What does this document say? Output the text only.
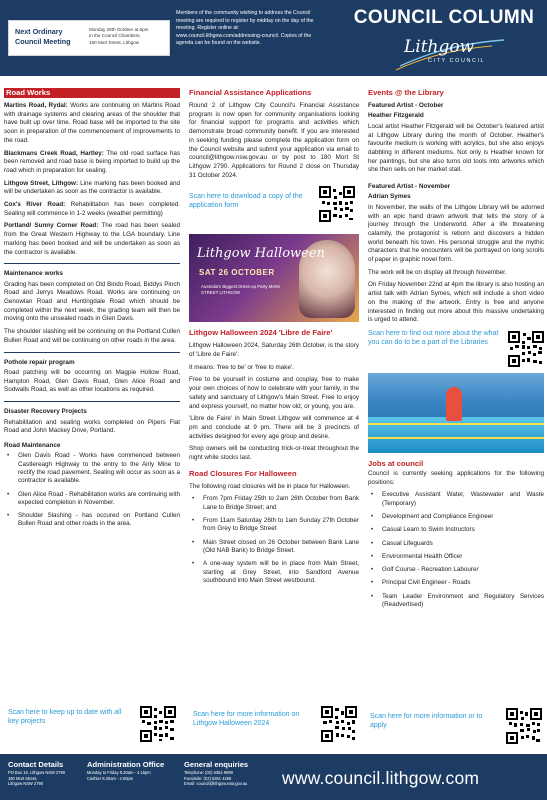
Next Ordinary
Council Meeting
Monday 28th October at 6pm
In the Council Chambers,
180 Mort Street, Lithgow
Members of the community wishing to address the Council meeting are required to register by midday on the day of the meeting. Register online at: www.council.lithgow.com/addressing-council. Copies of the agenda can be found on the website.
COUNCIL COLUMN
Lithgow
CITY COUNCIL
Road Works

Martins Road, Rydal: Works are continuing on Martins Road with drainage systems and clearing areas of the shoulder that have built up over time. Road base will be imported to the site soon in preparation of the commencement of improvements to the road.

Blackmans Creek Road, Hartley: The old road surface has been removed and road base is being imported to build up the road which in preparation for sealing.

Lithgow Street, Lithgow: Line marking has been booked and will be undertaken as soon as the contractor is available.

Cox's River Road: Rehabilitation has been completed. Sealing will commence in 1-2 weeks (weather permitting)

Portland/ Sunny Corner Road: The road has been sealed from the Great Western Highway to the LGA boundary. Line marking has been booked and will be undertaken as soon as the contractor is available.

Maintenance works

Grading has been completed on Old Bindo Road, Biddys Pinch Road and Jerrys Meadows Road. Works are continuing on Genowlan Road and Huntingdale Road which should be completed within the next week, the grading team will then be moving onto the unsealed roads in Glen Davis.

The shoulder slashing will be continuing on the Portland Cullen Bullen Road and will be continuing on other roads in the area.

Pothole repair program

Road patching will be occurring on Magpie Hollow Road, Hampton Road, Glen Davis Road, Glen Alice Road and Sodwalls Road, as well as other locations as required.

Disaster Recovery Projects

Rehabilitation and sealing works completed on Pipers Flat Road and John Mackey Drive, Portland.

Road Maintenance
• Glen Davis Road - Works have commenced between Castlereagh Highway to the entry to the Airly Mine to rectify the road pavement. Sealing will occur as soon as a contractor is available.
• Glen Alice Road - Rehabilitation works are continuing with expected completion in November.
• Shoulder Slashing - has occured on Portland Cullen Bullen Road and other roads in the area.
Scan here to keep up to date with all key projects
Financial Assistance Applications

Round 2 of Lithgow City Council's Financial Assistance program is now open for community organisations looking for financial support for programs and activities which demonstrate broad community benefit. If you are interested in seeking funding please complete the application form on the Council website and submit your application via email to council@lithgow.nsw.gov.au or by post to 180 Mort St Lithgow 2790. Applications for Round 2 close on Thursday 31 October 2024.

Scan here to download a copy of the application form
Lithgow Halloween
SAT 26 OCTOBER
Australia's Biggest Dress-up Party MAIN STREET LITHGOW
Lithgow Halloween 2024 'Libre de Faire'

Lithgow Halloween 2024, Saturday 26th October, is the story of 'Libre de Faire'.

It means: 'free to be' or 'free to make'.

Free to be yourself in costume and cosplay, free to make your own choices of how to celebrate with your family, in the safety and sanctuary of Lithgow's Main Street. Free to enjoy and express yourself, no matter how old, or young, you are.

'Libre de Faire' in Main Street Lithgow will commence at 4 pm and conclude at 9 pm. There will be 3 precincts of activities designed for every age group and desire.

Shop owners will be conducting trick-or-treat throughout the night while stocks last.

Road Closures For Halloween

The following road closures will be in place for Halloween.

• From 7pm Friday 25th to 2am 26th October from Bank Lane to Bridge Street; and
• From 11am Saturday 26th to 1am Sunday 27th October from Grey to Bridge Street
• Main Street closed on 26 October between Bank Lane (Old NAB Bank) to Bridge Street.
• A one-way system will be in place from Main Street, starting at Grey Street, into Sandford Avenue southbound into Main Street westbound.
Scan here for more information on Lithgow Halloween 2024
Events @ the Library
Featured Artist - October
Heather Fitzgerald

Local artist Heather Fitzgerald will be October's featured artist at Lithgow Library during the month of October. Heather's favourite medium is working with acrylics, but she also enjoys dabbling in different mediums. Not only is Heather known for her paintings, but she also turns old tools into artworks which she then sells on her market stall.

Featured Artist - November
Adrian Symes

In November, the walls of the Lithgow Library will be adorned with an epic hand drawn artwork that tells the story of a journey through the Underworld. After a life threatening calamity, the protagonist is reborn and discovers a hidden world beneath his town. His personal struggle and the mythic characters that he encounters will be portrayed on long scrolls of paper in graphic novel form.

The work will be on display all through November.

On Friday November 22nd at 4pm the library is also hosting an artist talk with Adrian Symes, which will include a short video on the making of the artwork. Entry is free and anyone interested in finding out more about this massive undertaking is urged to attend.

Scan here to find out more about the what you can do to be a part of the Libraries
Jobs at council

Council is currently seeking applications for the following positions:

• Executive Assistant Water, Wastewater and Waste (Temporary)
• Development and Compliance Engineer
• Casual Learn to Swim Instructors
• Casual Lifeguards
• Environmental Health Officer
• Golf Course - Recreation Labourer
• Principal Civil Engineer - Roads
• Team Leader Environment and Regulatory Services (Readvertised)
Scan here for more information or to apply
Contact Details
PO Box 19, Lithgow NSW 2790
180 Mort Street,
Lithgow NSW 2790
Administration Office
Monday to Friday 8.30am - 4.15pm
Cashier 8.30am - 4.00pm
General enquiries
Telephone: (02) 6354 9999
Facsimile: (02) 6351 4259
Email: council@lithgow.nsw.gov.au	www.council.lithgow.com
